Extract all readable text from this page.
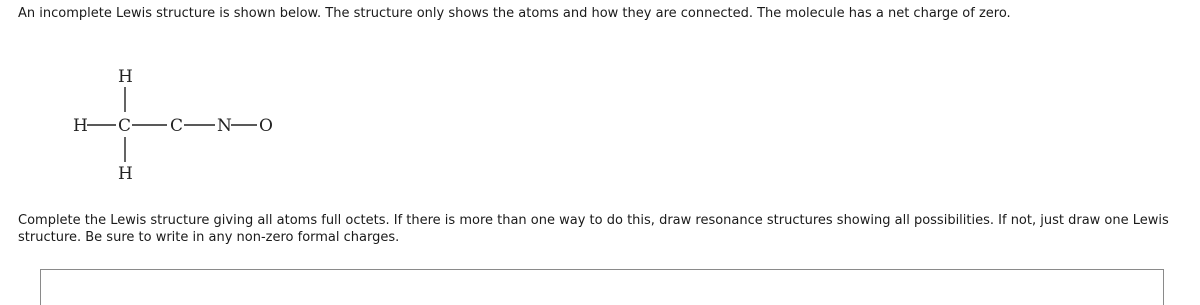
An incomplete Lewis structure is shown below. The structure only shows the atoms and how they are connected. The molecule has a net charge of zero.
H
H C C N O
H
Complete the Lewis structure giving all atoms full octets. If there is more than one way to do this, draw resonance structures showing all possibilities. If not, just draw one Lewis structure. Be sure to write in any non-zero formal charges.
